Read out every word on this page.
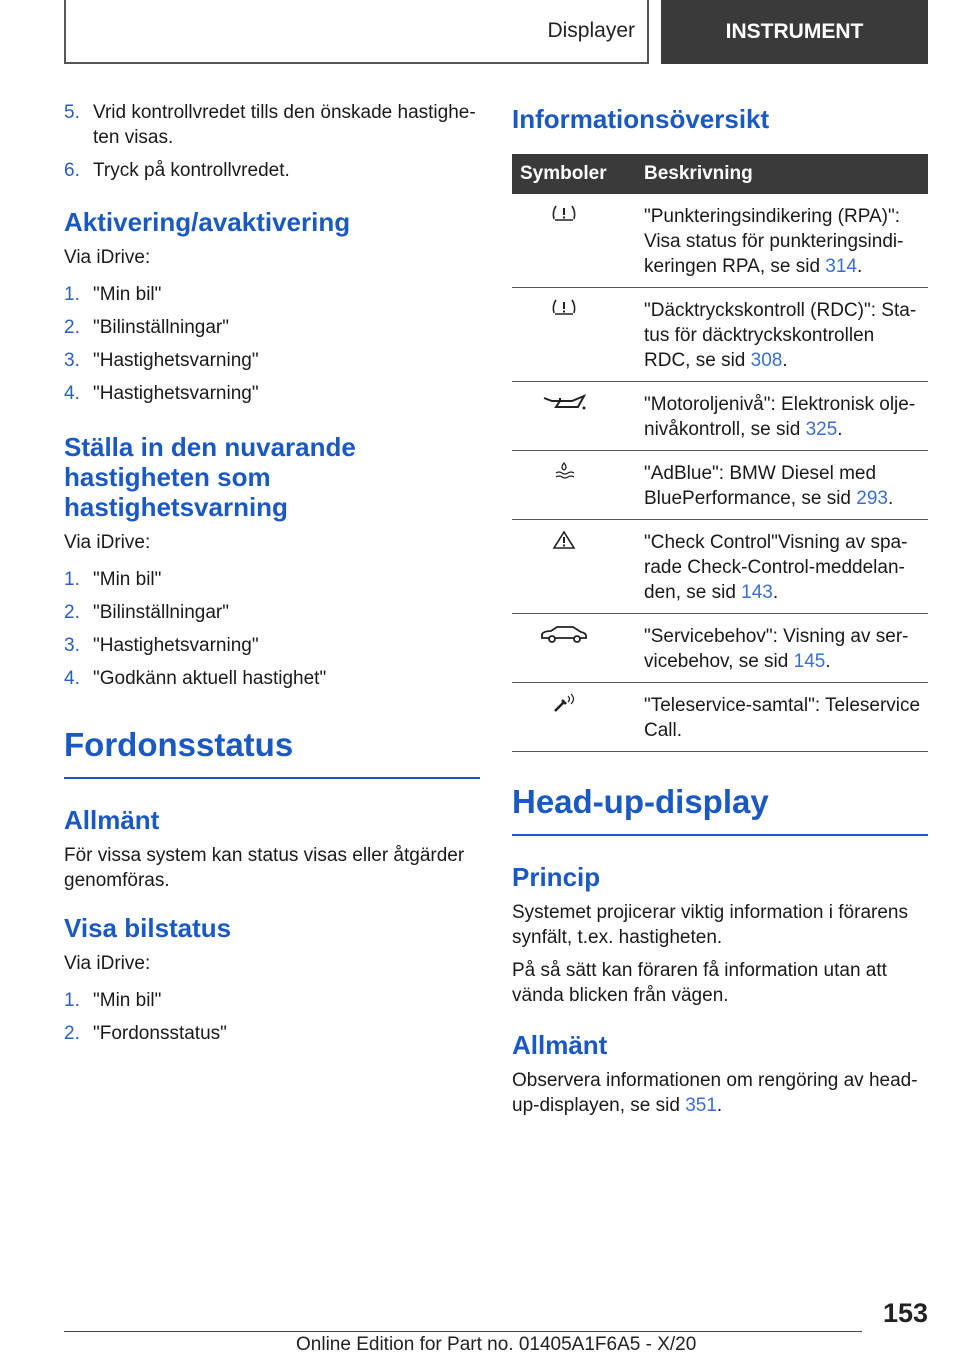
Displayer	INSTRUMENT
5. Vrid kontrollvredet tills den önskade hastigheten visas.
6. Tryck på kontrollvredet.
Aktivering/avaktivering
Via iDrive:
1. "Min bil"
2. "Bilinställningar"
3. "Hastighetsvarning"
4. "Hastighetsvarning"
Ställa in den nuvarande hastigheten som hastighetsvarning
Via iDrive:
1. "Min bil"
2. "Bilinställningar"
3. "Hastighetsvarning"
4. "Godkänn aktuell hastighet"
Fordonsstatus
Allmänt
För vissa system kan status visas eller åtgärder genomföras.
Visa bilstatus
Via iDrive:
1. "Min bil"
2. "Fordonsstatus"
Informationsöversikt
Symboler	Beskrivning
	"Punkteringsindikering (RPA)": Visa status för punkteringsindikeringen RPA, se sid 314.
	"Däcktryckskontroll (RDC)": Status för däcktryckskontrollen RDC, se sid 308.
	"Motoroljenivå": Elektronisk oljenivåkontroll, se sid 325.
	"AdBlue": BMW Diesel med BluePerformance, se sid 293.
	"Check Control"Visning av sparade Check-Control-meddelanden, se sid 143.
	"Servicebehov": Visning av servicebehov, se sid 145.
	"Teleservice-samtal": Teleservice Call.
Head-up-display
Princip
Systemet projicerar viktig information i förarens synfält, t.ex. hastigheten.
På så sätt kan föraren få information utan att vända blicken från vägen.
Allmänt
Observera informationen om rengöring av head-up-displayen, se sid 351.
153
Online Edition for Part no. 01405A1F6A5 - X/20
